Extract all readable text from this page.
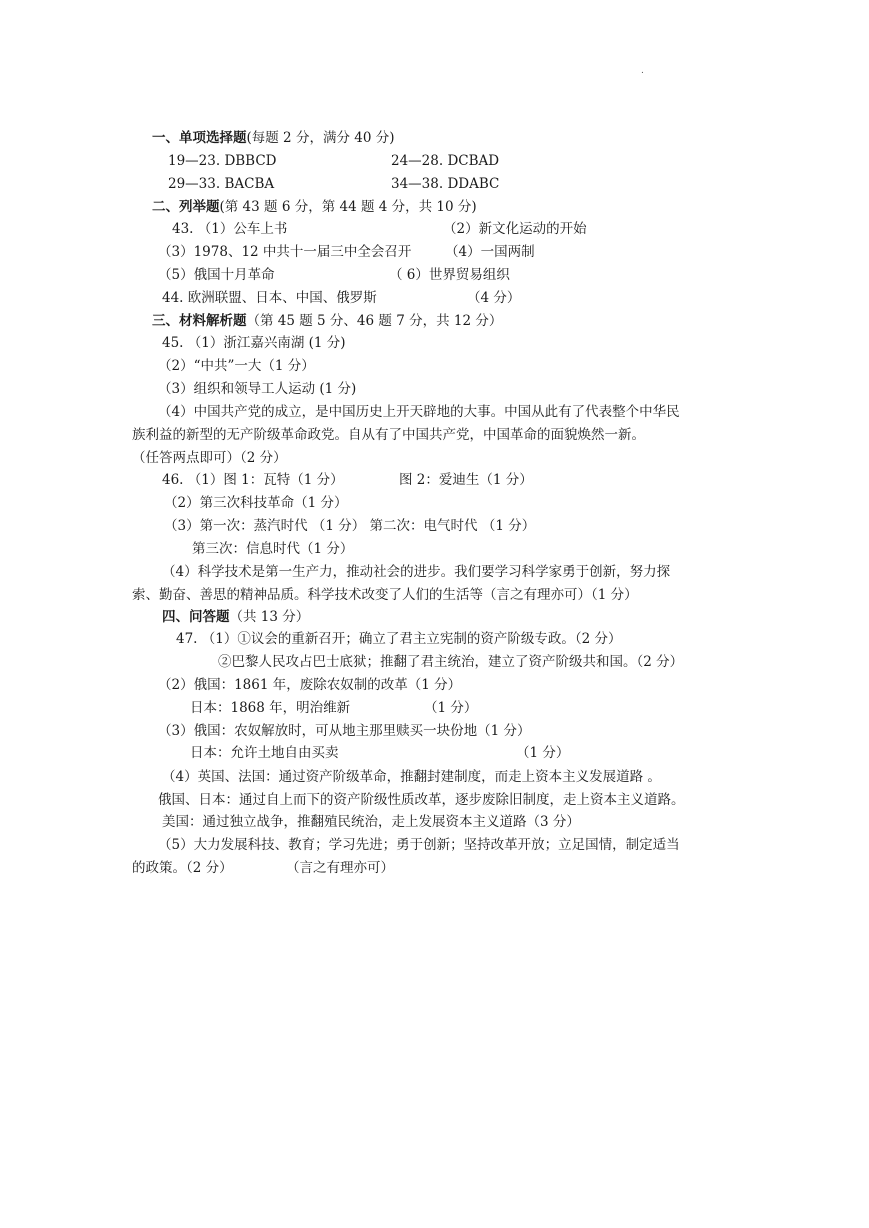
.
一、单项选择题(每题 2 分，满分 40 分)
19—23. DBBCD	24—28. DCBAD
29—33. BACBA	34—38. DDABC
二、列举题(第 43 题 6 分，第 44 题 4 分，共 10 分)
43. （1）公车上书	（2）新文化运动的开始
（3）1978、12 中共十一届三中全会召开 （4）一国两制
（5）俄国十月革命	（ 6）世界贸易组织
44. 欧洲联盟、日本、中国、俄罗斯	（4 分）
三、材料解析题（第 45 题 5 分、46 题 7 分，共 12 分）
45. （1）浙江嘉兴南湖 (1 分)
（2）“中共”一大（1 分）
（3）组织和领导工人运动 (1 分)
（4）中国共产党的成立，是中国历史上开天辟地的大事。中国从此有了代表整个中华民
族利益的新型的无产阶级革命政党。自从有了中国共产党，中国革命的面貌焕然一新。
（任答两点即可）（2 分）
46. （1）图 1：瓦特（1 分）	图 2：爱迪生（1 分）
（2）第三次科技革命（1 分）
（3）第一次：蒸汽时代 （1 分） 第二次：电气时代 （1 分）
第三次：信息时代（1 分）
（4）科学技术是第一生产力，推动社会的进步。我们要学习科学家勇于创新，努力探
索、勤奋、善思的精神品质。科学技术改变了人们的生活等（言之有理亦可）（1 分）
四、问答题（共 13 分）
47. （1）①议会的重新召开；确立了君主立宪制的资产阶级专政。（2 分）
②巴黎人民攻占巴士底狱；推翻了君主统治，建立了资产阶级共和国。（2 分）
（2）俄国：1861 年，废除农奴制的改革（1 分）
日本：1868 年，明治维新	（1 分）
（3）俄国：农奴解放时，可从地主那里赎买一块份地（1 分）
日本：允许土地自由买卖	（1 分）
（4）英国、法国：通过资产阶级革命，推翻封建制度，而走上资本主义发展道路 。
俄国、日本：通过自上而下的资产阶级性质改革，逐步废除旧制度，走上资本主义道路。
美国：通过独立战争，推翻殖民统治，走上发展资本主义道路（3 分）
（5）大力发展科技、教育；学习先进；勇于创新；坚持改革开放；立足国情，制定适当
的政策。（2 分）	（言之有理亦可）
